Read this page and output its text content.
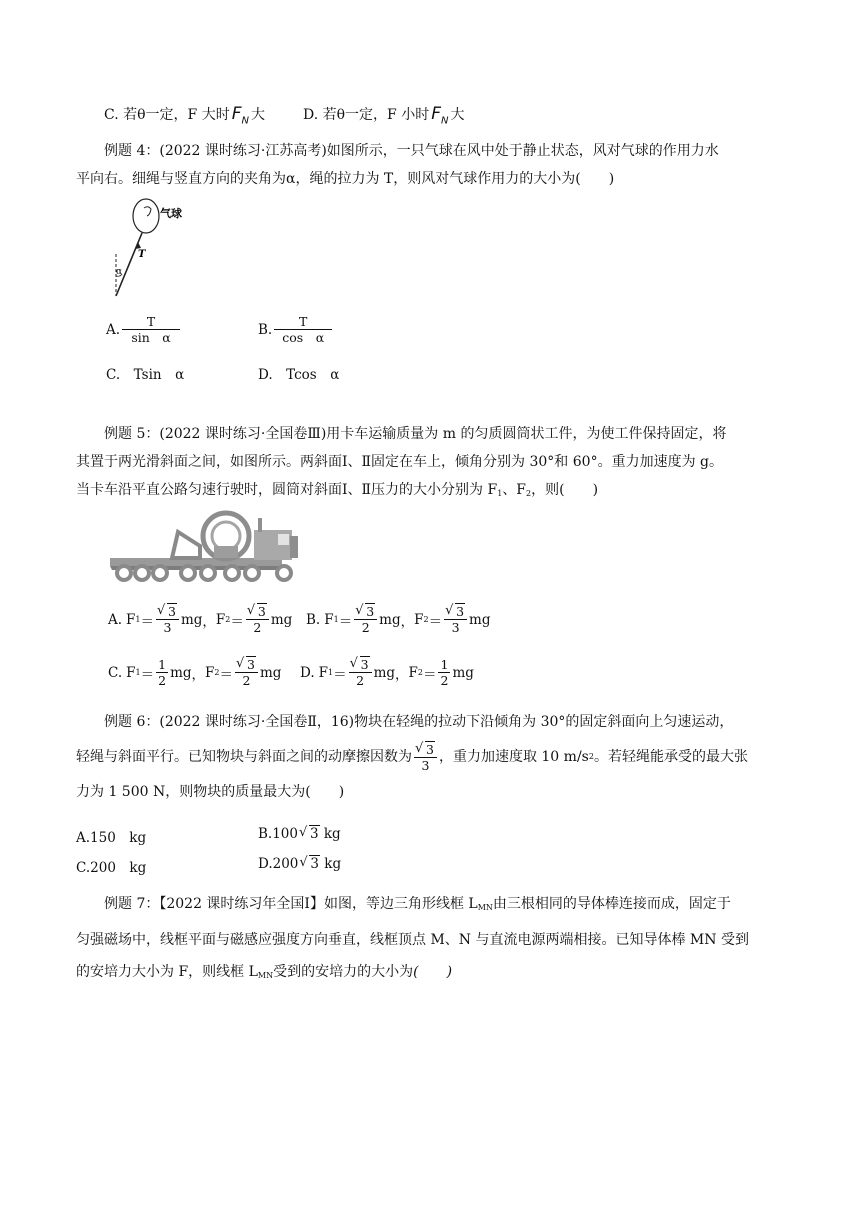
C. 若θ一定，F 大时 $F_N$ 大	D. 若θ一定，F 小时 $F_N$ 大
例题 4：(2022 课时练习·江苏高考)如图所示，一只气球在风中处于静止状态，风对气球的作用力水
平向右。细绳与竖直方向的夹角为α，绳的拉力为 T，则风对气球作用力的大小为(　　)
气球
T
α
A. $\frac{T}{\text{sin　α}}$	B. $\frac{T}{\text{cos　α}}$
C.　Tsin　α	D.　Tcos　α
例题 5：(2022 课时练习·全国卷Ⅲ)用卡车运输质量为 m 的匀质圆筒状工件，为使工件保持固定，将
其置于两光滑斜面之间，如图所示。两斜面Ⅰ、Ⅱ固定在车上，倾角分别为 30°和 60°。重力加速度为 g。
当卡车沿平直公路匀速行驶时，圆筒对斜面Ⅰ、Ⅱ压力的大小分别为 F1、F2，则(　　)
A. F 1 ＝ √ $\frac{3}{3}$ mg ， F 2 ＝ √ $\frac{3}{2}$ mg B. F 1 ＝ √ $\frac{3}{2}$ mg ， F 2 ＝ √ $\frac{3}{3}$ mg
C. F $1 = \frac{1}{2}$ mg ， F 2 ＝ √ $\frac{3}{2}$ mg D. F 1 ＝ √ $\frac{3}{2}$ mg ， F $2 = \frac{1}{2}$ mg
例题 6：(2022 课时练习·全国卷Ⅱ，16)物块在轻绳的拉动下沿倾角为 30°的固定斜面向上匀速运动，
轻绳与斜面平行。已知物块与斜面之间的动摩擦因数为 √ $\frac{3}{3}$ ，重力加速度取 10 m/s 2 。若轻绳能承受的最大张
力为 1 500 N，则物块的质量最大为(　　)
A.150　kg	B.100 √ 3 kg
C.200　kg	D.200 √ 3 kg
例题 7：【2022 课时练习年全国Ⅰ】如图，等边三角形线框 LMN由三根相同的导体棒连接而成，固定于
匀强磁场中，线框平面与磁感应强度方向垂直，线框顶点 M、N 与直流电源两端相接。已知导体棒 MN 受到
的安培力大小为 F，则线框 LMN受到的安培力的大小为(　　)
